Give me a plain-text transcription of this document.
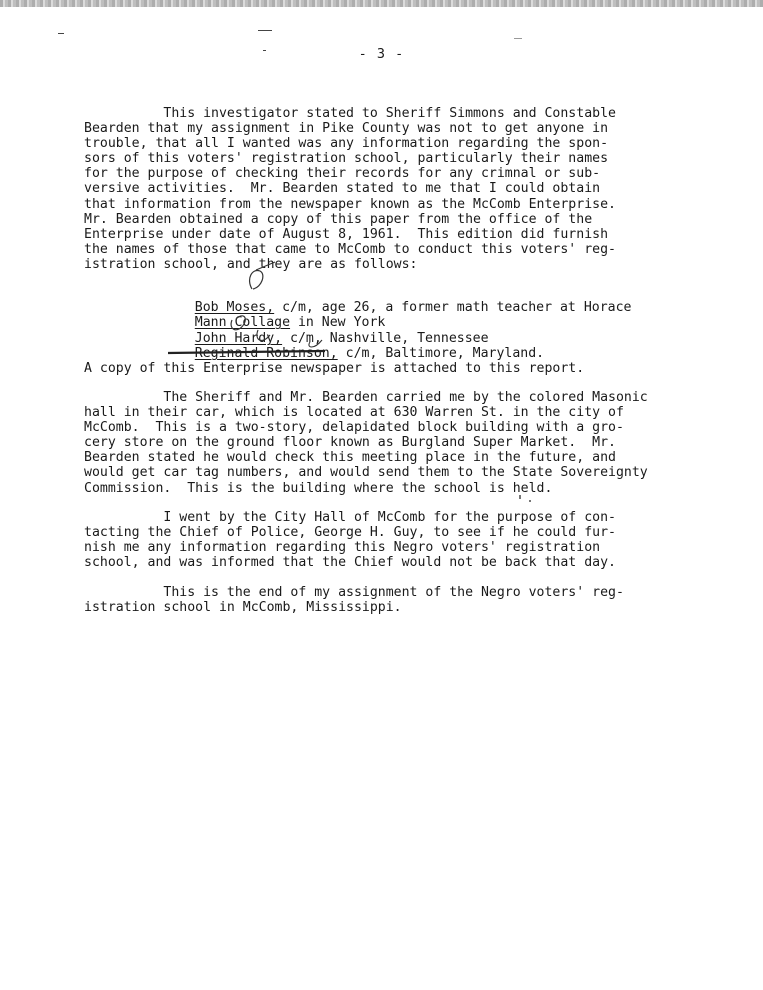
- 3 -
This investigator stated to Sheriff Simmons and Constable
Bearden that my assignment in Pike County was not to get anyone in
trouble, that all I wanted was any information regarding the spon-
sors of this voters' registration school, particularly their names
for the purpose of checking their records for any crimnal or sub-
versive activities.  Mr. Bearden stated to me that I could obtain
that information from the newspaper known as the McComb Enterprise.
Mr. Bearden obtained a copy of this paper from the office of the
Enterprise under date of August 8, 1961.  This edition did furnish
the names of those that came to McComb to conduct this voters' reg-
istration school, and they are as follows:

Bob Moses, c/m, age 26, a former math teacher at Horace

Mann Collage in New York

John Hardy, c/m, Nashville, Tennessee

Reginald Robinson, c/m, Baltimore, Maryland.

A copy of this Enterprise newspaper is attached to this report.
The Sheriff and Mr. Bearden carried me by the colored Masonic
hall in their car, which is located at 630 Warren St. in the city of
McComb.  This is a two-story, delapidated block building with a gro-
cery store on the ground floor known as Burgland Super Market.  Mr.
Bearden stated he would check this meeting place in the future, and
would get car tag numbers, and would send them to the State Sovereignty
Commission.  This is the building where the school is held.
I went by the City Hall of McComb for the purpose of con-
tacting the Chief of Police, George H. Guy, to see if he could fur-
nish me any information regarding this Negro voters' registration
school, and was informed that the Chief would not be back that day.
This is the end of my assignment of the Negro voters' reg-
istration school in McComb, Mississippi.
